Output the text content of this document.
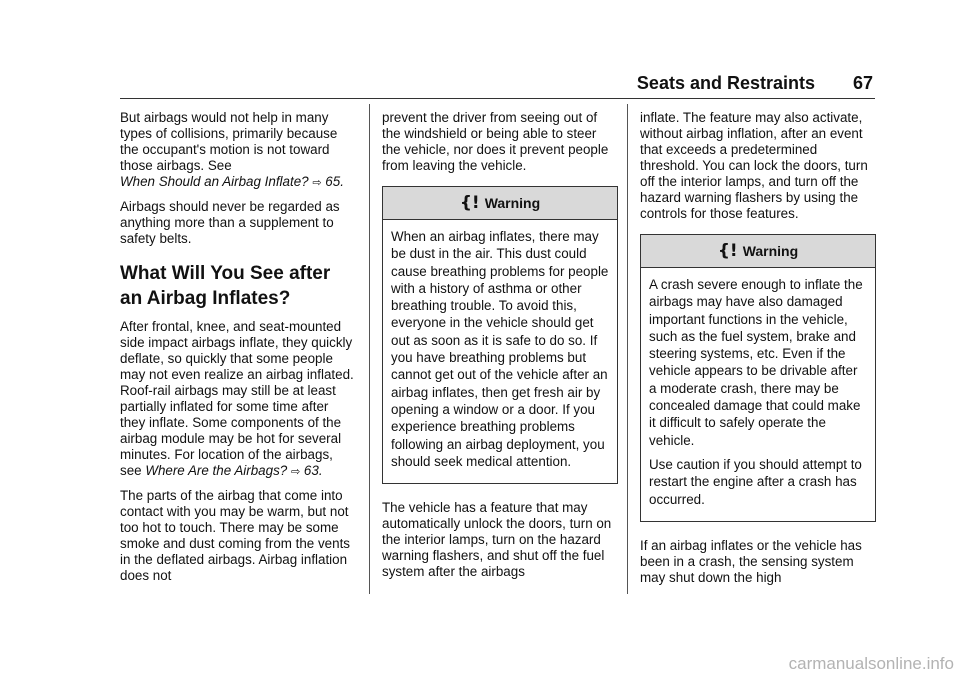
Seats and Restraints 67

But airbags would not help in many types of collisions, primarily because the occupant's motion is not toward those airbags. See When Should an Airbag Inflate? ⇨ 65.

Airbags should never be regarded as anything more than a supplement to safety belts.

What Will You See after an Airbag Inflates?

After frontal, knee, and seat-mounted side impact airbags inflate, they quickly deflate, so quickly that some people may not even realize an airbag inflated. Roof-rail airbags may still be at least partially inflated for some time after they inflate. Some components of the airbag module may be hot for several minutes. For location of the airbags, see Where Are the Airbags? ⇨ 63.

The parts of the airbag that come into contact with you may be warm, but not too hot to touch. There may be some smoke and dust coming from the vents in the deflated airbags. Airbag inflation does not

prevent the driver from seeing out of the windshield or being able to steer the vehicle, nor does it prevent people from leaving the vehicle.

{! Warning

When an airbag inflates, there may be dust in the air. This dust could cause breathing problems for people with a history of asthma or other breathing trouble. To avoid this, everyone in the vehicle should get out as soon as it is safe to do so. If you have breathing problems but cannot get out of the vehicle after an airbag inflates, then get fresh air by opening a window or a door. If you experience breathing problems following an airbag deployment, you should seek medical attention.

The vehicle has a feature that may automatically unlock the doors, turn on the interior lamps, turn on the hazard warning flashers, and shut off the fuel system after the airbags

inflate. The feature may also activate, without airbag inflation, after an event that exceeds a predetermined threshold. You can lock the doors, turn off the interior lamps, and turn off the hazard warning flashers by using the controls for those features.

{! Warning

A crash severe enough to inflate the airbags may have also damaged important functions in the vehicle, such as the fuel system, brake and steering systems, etc. Even if the vehicle appears to be drivable after a moderate crash, there may be concealed damage that could make it difficult to safely operate the vehicle.

Use caution if you should attempt to restart the engine after a crash has occurred.

If an airbag inflates or the vehicle has been in a crash, the sensing system may shut down the high

carmanualsonline.info
